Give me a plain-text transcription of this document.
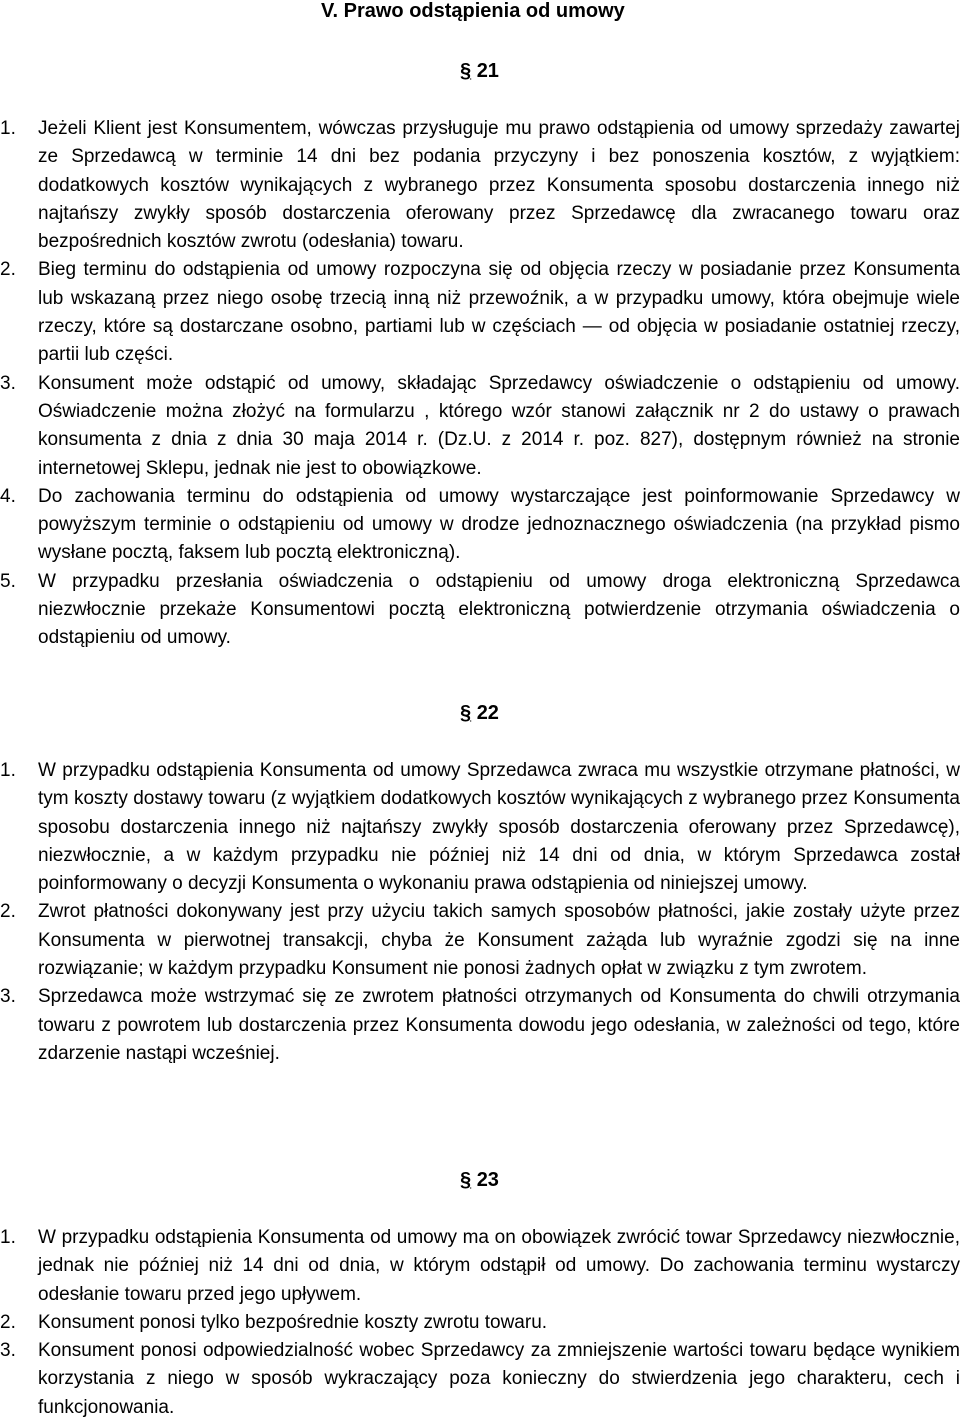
V. Prawo odstąpienia od umowy
§ 21
1. Jeżeli Klient jest Konsumentem, wówczas przysługuje mu prawo odstąpienia od umowy sprzedaży zawartej ze Sprzedawcą w terminie 14 dni bez podania przyczyny i bez ponoszenia kosztów, z wyjątkiem: dodatkowych kosztów wynikających z wybranego przez Konsumenta sposobu dostarczenia innego niż najtańszy zwykły sposób dostarczenia oferowany przez Sprzedawcę dla zwracanego towaru oraz bezpośrednich kosztów zwrotu (odesłania) towaru.
2. Bieg terminu do odstąpienia od umowy rozpoczyna się od objęcia rzeczy w posiadanie przez Konsumenta lub wskazaną przez niego osobę trzecią inną niż przewoźnik, a w przypadku umowy, która obejmuje wiele rzeczy, które są dostarczane osobno, partiami lub w częściach — od objęcia w posiadanie ostatniej rzeczy, partii lub części.
3. Konsument może odstąpić od umowy, składając Sprzedawcy oświadczenie o odstąpieniu od umowy. Oświadczenie można złożyć na formularzu , którego wzór stanowi załącznik nr 2 do ustawy o prawach konsumenta z dnia z dnia 30 maja 2014 r. (Dz.U. z 2014 r. poz. 827), dostępnym również na stronie internetowej Sklepu, jednak nie jest to obowiązkowe.
4. Do zachowania terminu do odstąpienia od umowy wystarczające jest poinformowanie Sprzedawcy w powyższym terminie o odstąpieniu od umowy w drodze jednoznacznego oświadczenia (na przykład pismo wysłane pocztą, faksem lub pocztą elektroniczną).
5. W przypadku przesłania oświadczenia o odstąpieniu od umowy droga elektroniczną Sprzedawca niezwłocznie przekaże Konsumentowi pocztą elektroniczną potwierdzenie otrzymania oświadczenia o odstąpieniu od umowy.
§ 22
1. W przypadku odstąpienia Konsumenta od umowy Sprzedawca zwraca mu wszystkie otrzymane płatności, w tym koszty dostawy towaru (z wyjątkiem dodatkowych kosztów wynikających z wybranego przez Konsumenta sposobu dostarczenia innego niż najtańszy zwykły sposób dostarczenia oferowany przez Sprzedawcę), niezwłocznie, a w każdym przypadku nie później niż 14 dni od dnia, w którym Sprzedawca został poinformowany o decyzji Konsumenta o wykonaniu prawa odstąpienia od niniejszej umowy.
2. Zwrot płatności dokonywany jest przy użyciu takich samych sposobów płatności, jakie zostały użyte przez Konsumenta w pierwotnej transakcji, chyba że Konsument zażąda lub wyraźnie zgodzi się na inne rozwiązanie; w każdym przypadku Konsument nie ponosi żadnych opłat w związku z tym zwrotem.
3. Sprzedawca może wstrzymać się ze zwrotem płatności otrzymanych od Konsumenta do chwili otrzymania towaru z powrotem lub dostarczenia przez Konsumenta dowodu jego odesłania, w zależności od tego, które zdarzenie nastąpi wcześniej.
§ 23
1. W przypadku odstąpienia Konsumenta od umowy ma on obowiązek zwrócić towar Sprzedawcy niezwłocznie, jednak nie później niż 14 dni od dnia, w którym odstąpił od umowy. Do zachowania terminu wystarczy odesłanie towaru przed jego upływem.
2. Konsument ponosi tylko bezpośrednie koszty zwrotu towaru.
3. Konsument ponosi odpowiedzialność wobec Sprzedawcy za zmniejszenie wartości towaru będące wynikiem korzystania z niego w sposób wykraczający poza konieczny do stwierdzenia jego charakteru, cech i funkcjonowania.
